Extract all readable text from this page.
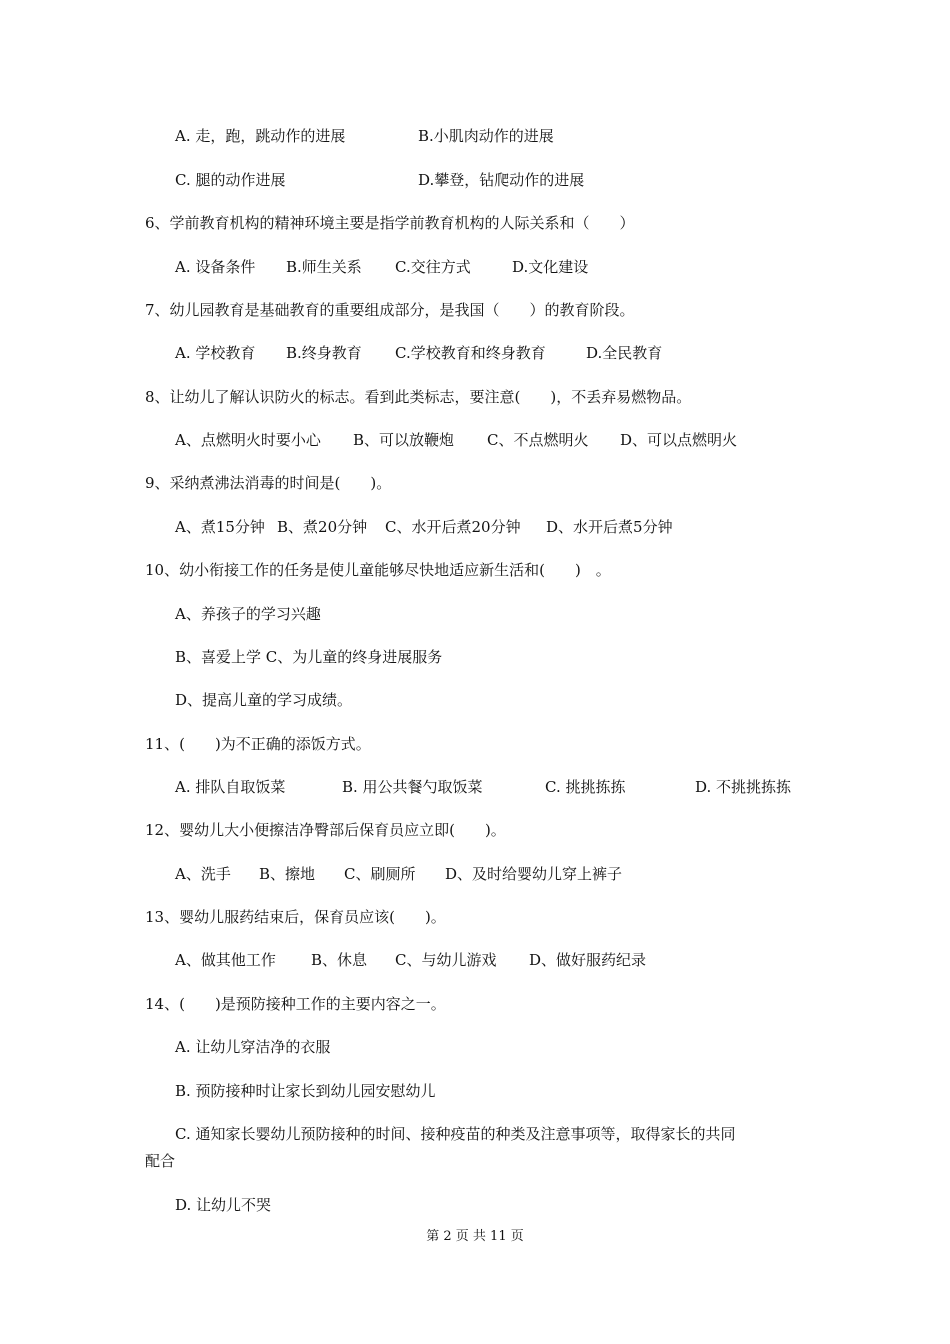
A. 走，跑，跳动作的进展	B.小肌肉动作的进展
C. 腿的动作进展	D.攀登，钻爬动作的进展
6、学前教育机构的精神环境主要是指学前教育机构的人际关系和（　　）
A. 设备条件 B.师生关系 C.交往方式	D.文化建设
7、幼儿园教育是基础教育的重要组成部分，是我国（　　）的教育阶段。
A. 学校教育 B.终身教育 C.学校教育和终身教育	D.全民教育
8、让幼儿了解认识防火的标志。看到此类标志，要注意(　　)，不丢弃易燃物品。
A、点燃明火时要小心 B、可以放鞭炮 C、不点燃明火 D、可以点燃明火
9、采纳煮沸法消毒的时间是(　　)。
A、煮15分钟 B、煮20分钟 C、水开后煮20分钟 D、水开后煮5分钟
10、幼小衔接工作的任务是使儿童能够尽快地适应新生活和(　　)　。
A、养孩子的学习兴趣
B、喜爱上学 C、为儿童的终身进展服务
D、提高儿童的学习成绩。
11、(　　)为不正确的添饭方式。
A. 排队自取饭菜	B. 用公共餐勺取饭菜	C. 挑挑拣拣	D. 不挑挑拣拣
12、婴幼儿大小便擦洁净臀部后保育员应立即(　　)。
A、洗手 B、擦地 C、刷厕所 D、及时给婴幼儿穿上裤子
13、婴幼儿服药结束后，保育员应该(　　)。
A、做其他工作 B、休息 C、与幼儿游戏 D、做好服药纪录
14、(　　)是预防接种工作的主要内容之一。
A. 让幼儿穿洁净的衣服
B. 预防接种时让家长到幼儿园安慰幼儿
C. 通知家长婴幼儿预防接种的时间、接种疫苗的种类及注意事项等，取得家长的共同
配合
D. 让幼儿不哭
第 2 页 共 11 页
